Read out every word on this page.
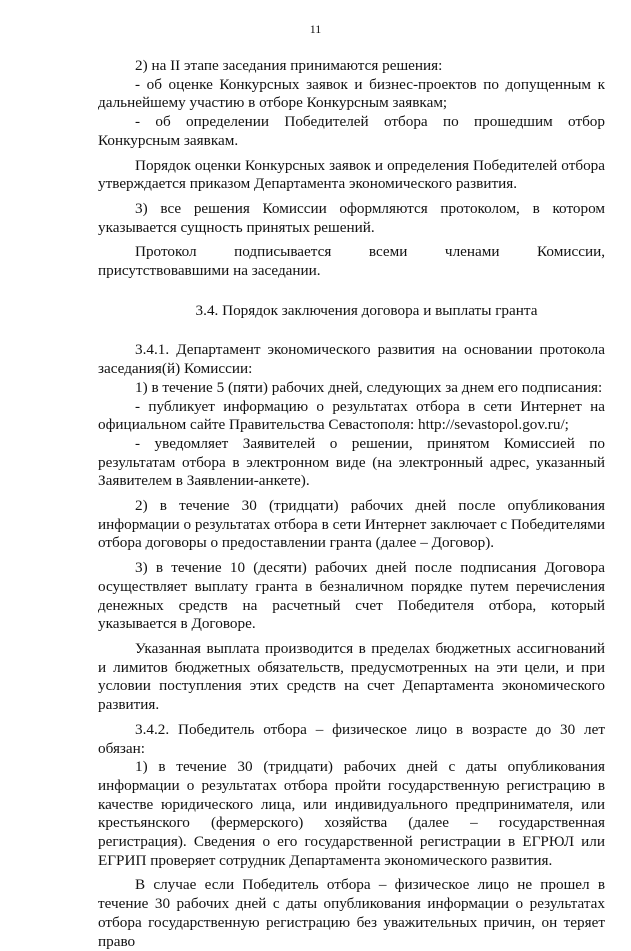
11

2) на II этапе заседания принимаются решения:

- об оценке Конкурсных заявок и бизнес-проектов по допущенным к дальнейшему участию в отборе Конкурсным заявкам;

- об определении Победителей отбора по прошедшим отбор Конкурсным заявкам.

Порядок оценки Конкурсных заявок и определения Победителей отбора утверждается приказом Департамента экономического развития.

3) все решения Комиссии оформляются протоколом, в котором указывается сущность принятых решений.

Протокол подписывается всеми членами Комиссии, присутствовавшими на заседании.

3.4. Порядок заключения договора и выплаты гранта

3.4.1. Департамент экономического развития на основании протокола заседания(й) Комиссии:

1) в течение 5 (пяти) рабочих дней, следующих за днем его подписания:

- публикует информацию о результатах отбора в сети Интернет на официальном сайте Правительства Севастополя: http://sevastopol.gov.ru/;

- уведомляет Заявителей о решении, принятом Комиссией по результатам отбора в электронном виде (на электронный адрес, указанный Заявителем в Заявлении-анкете).

2) в течение 30 (тридцати) рабочих дней после опубликования информации о результатах отбора в сети Интернет заключает с Победителями отбора договоры о предоставлении гранта (далее – Договор).

3) в течение 10 (десяти) рабочих дней после подписания Договора осуществляет выплату гранта в безналичном порядке путем перечисления денежных средств на расчетный счет Победителя отбора, который указывается в Договоре.

Указанная выплата производится в пределах бюджетных ассигнований и лимитов бюджетных обязательств, предусмотренных на эти цели, и при условии поступления этих средств на счет Департамента экономического развития.

3.4.2. Победитель отбора – физическое лицо в возрасте до 30 лет обязан:

1) в течение 30 (тридцати) рабочих дней с даты опубликования информации о результатах отбора пройти государственную регистрацию в качестве юридического лица, или индивидуального предпринимателя, или крестьянского (фермерского) хозяйства (далее – государственная регистрация). Сведения о его государственной регистрации в ЕГРЮЛ или ЕГРИП проверяет сотрудник Департамента экономического развития.

В случае если Победитель отбора – физическое лицо не прошел в течение 30 рабочих дней с даты опубликования информации о результатах отбора государственную регистрацию без уважительных причин, он теряет право
